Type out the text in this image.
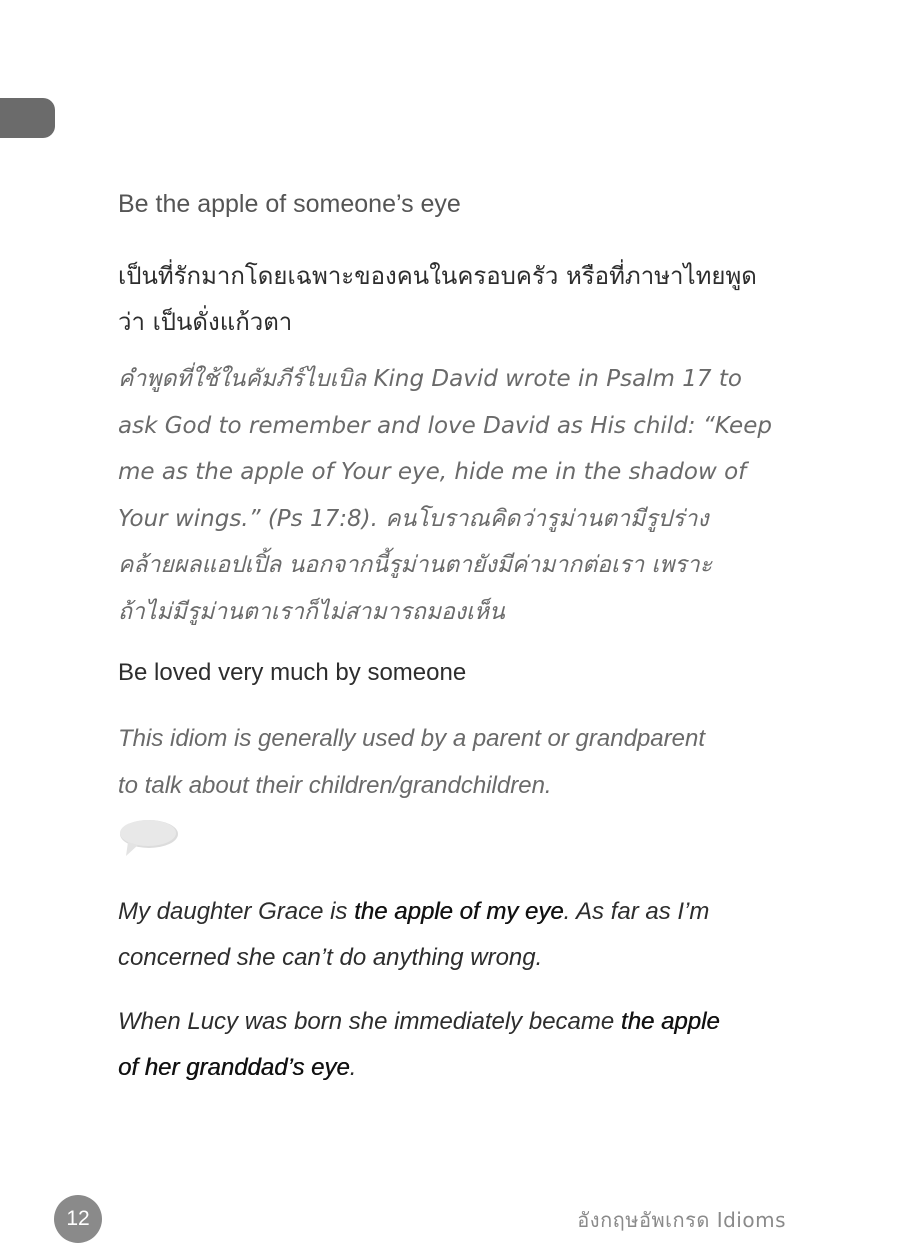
Be the apple of someone’s eye
เป็นที่รักมากโดยเฉพาะของคนในครอบครัว หรือที่ภาษาไทยพูด
ว่า เป็นดั่งแก้วตา
คำพูดที่ใช้ในคัมภีร์ไบเบิล King David wrote in Psalm 17 to
ask God to remember and love David as His child: “Keep
me as the apple of Your eye, hide me in the shadow of
Your wings.” (Ps 17:8). คนโบราณคิดว่ารูม่านตามีรูปร่าง
คล้ายผลแอปเปิ้ล นอกจากนี้รูม่านตายังมีค่ามากต่อเรา เพราะ
ถ้าไม่มีรูม่านตาเราก็ไม่สามารถมองเห็น
Be loved very much by someone
This idiom is generally used by a parent or grandparent
to talk about their children/grandchildren.
My daughter Grace is the apple of my eye. As far as I’m
concerned she can’t do anything wrong.
When Lucy was born she immediately became the apple
of her granddad’s eye.
12	อังกฤษอัพเกรด Idioms
